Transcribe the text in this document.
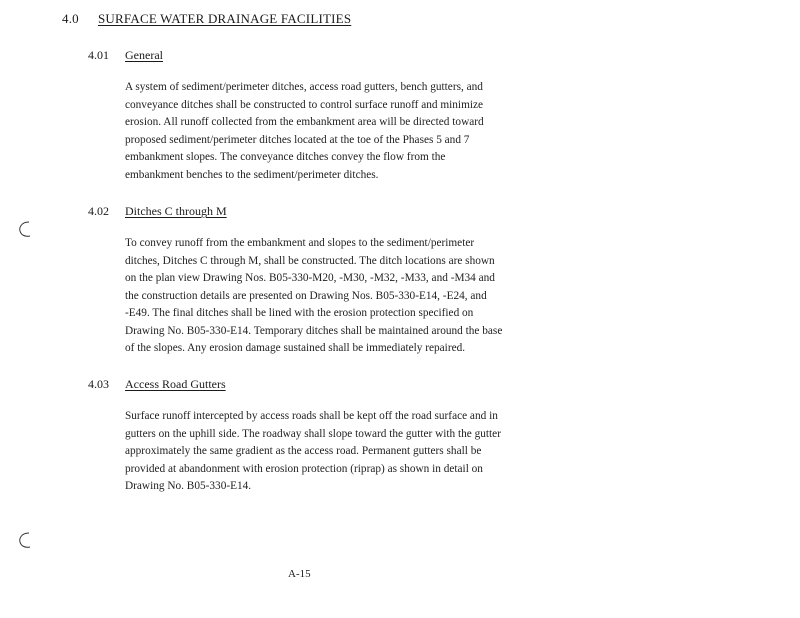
4.0 SURFACE WATER DRAINAGE FACILITIES
4.01 General
A system of sediment/perimeter ditches, access road gutters, bench gutters, and
conveyance ditches shall be constructed to control surface runoff and minimize
erosion. All runoff collected from the embankment area will be directed toward
proposed sediment/perimeter ditches located at the toe of the Phases 5 and 7
embankment slopes. The conveyance ditches convey the flow from the
embankment benches to the sediment/perimeter ditches.
4.02 Ditches C through M
To convey runoff from the embankment and slopes to the sediment/perimeter
ditches, Ditches C through M, shall be constructed. The ditch locations are shown
on the plan view Drawing Nos. B05-330-M20, -M30, -M32, -M33, and -M34 and
the construction details are presented on Drawing Nos. B05-330-E14, -E24, and
-E49. The final ditches shall be lined with the erosion protection specified on
Drawing No. B05-330-E14. Temporary ditches shall be maintained around the base
of the slopes. Any erosion damage sustained shall be immediately repaired.
4.03 Access Road Gutters
Surface runoff intercepted by access roads shall be kept off the road surface and in
gutters on the uphill side. The roadway shall slope toward the gutter with the gutter
approximately the same gradient as the access road. Permanent gutters shall be
provided at abandonment with erosion protection (riprap) as shown in detail on
Drawing No. B05-330-E14.
A-15
